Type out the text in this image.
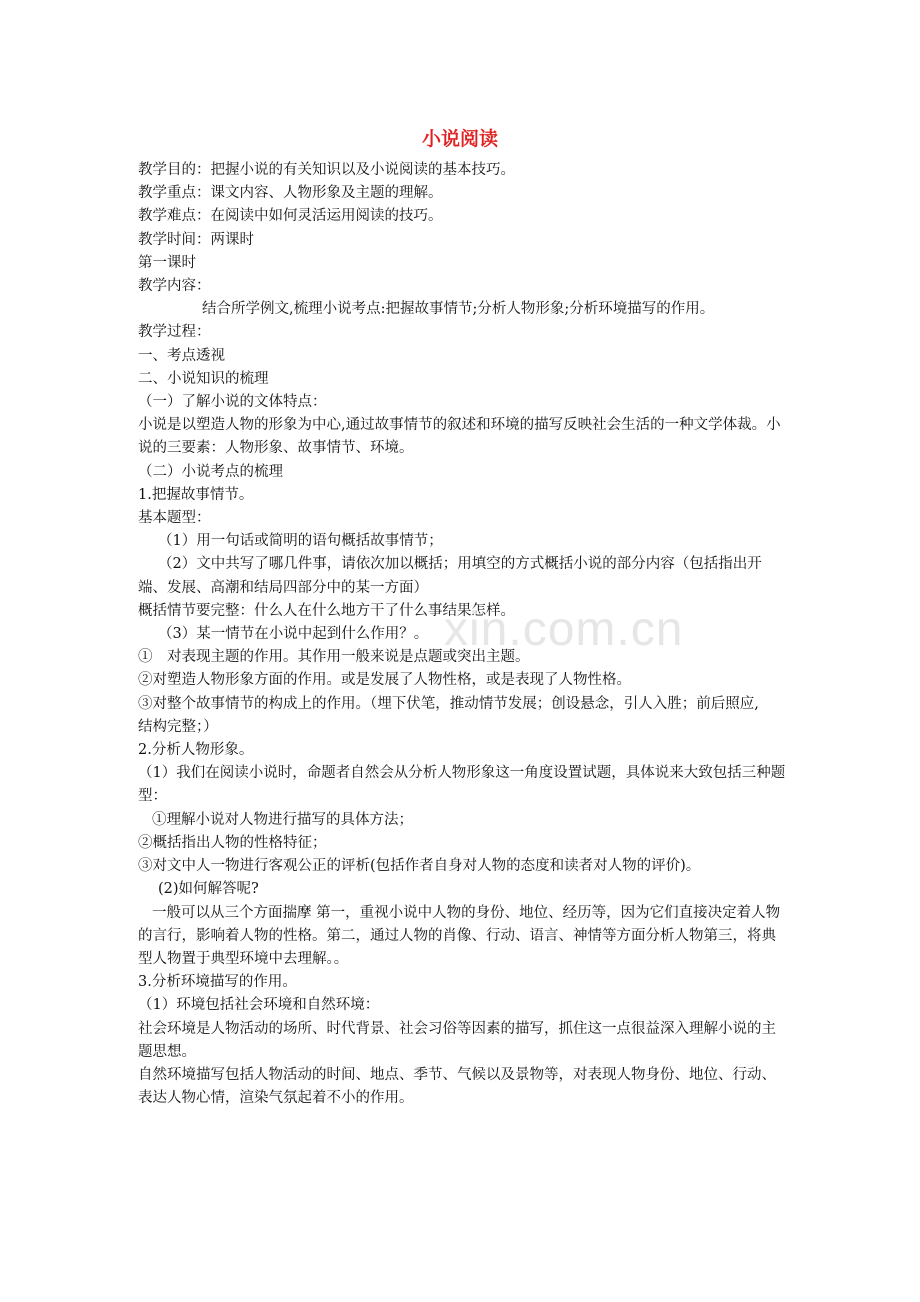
小说阅读

教学目的：把握小说的有关知识以及小说阅读的基本技巧。

教学重点：课文内容、人物形象及主题的理解。

教学难点：在阅读中如何灵活运用阅读的技巧。

教学时间：两课时

第一课时

教学内容：

结合所学例文,梳理小说考点:把握故事情节;分析人物形象;分析环境描写的作用。

教学过程：

一、考点透视

二、小说知识的梳理

（一）了解小说的文体特点：

小说是以塑造人物的形象为中心,通过故事情节的叙述和环境的描写反映社会生活的一种文学体裁。小说的三要素：人物形象、故事情节、环境。

（二）小说考点的梳理

1.把握故事情节。

基本题型：

（1）用一句话或简明的语句概括故事情节；

（2）文中共写了哪几件事，请依次加以概括；用填空的方式概括小说的部分内容（包括指出开端、发展、高潮和结局四部分中的某一方面）

概括情节要完整：什么人在什么地方干了什么事结果怎样。

（3）某一情节在小说中起到什么作用？。

①　对表现主题的作用。其作用一般来说是点题或突出主题。

②对塑造人物形象方面的作用。或是发展了人物性格，或是表现了人物性格。

③对整个故事情节的构成上的作用。（埋下伏笔，推动情节发展；创设悬念，引人入胜；前后照应,

结构完整；）

2.分析人物形象。

（1）我们在阅读小说时，命题者自然会从分析人物形象这一角度设置试题，具体说来大致包括三种题型：

①理解小说对人物进行描写的具体方法；

②概括指出人物的性格特征；

③对文中人一物进行客观公正的评析(包括作者自身对人物的态度和读者对人物的评价)。

(2)如何解答呢?

一般可以从三个方面揣摩 第一，重视小说中人物的身份、地位、经历等，因为它们直接决定着人物的言行，影响着人物的性格。第二，通过人物的肖像、行动、语言、神情等方面分析人物第三，将典型人物置于典型环境中去理解。。

3.分析环境描写的作用。

（1）环境包括社会环境和自然环境：

社会环境是人物活动的场所、时代背景、社会习俗等因素的描写，抓住这一点很益深入理解小说的主题思想。

自然环境描写包括人物活动的时间、地点、季节、气候以及景物等，对表现人物身份、地位、行动、表达人物心情，渲染气氛起着不小的作用。

xin.com.cn
